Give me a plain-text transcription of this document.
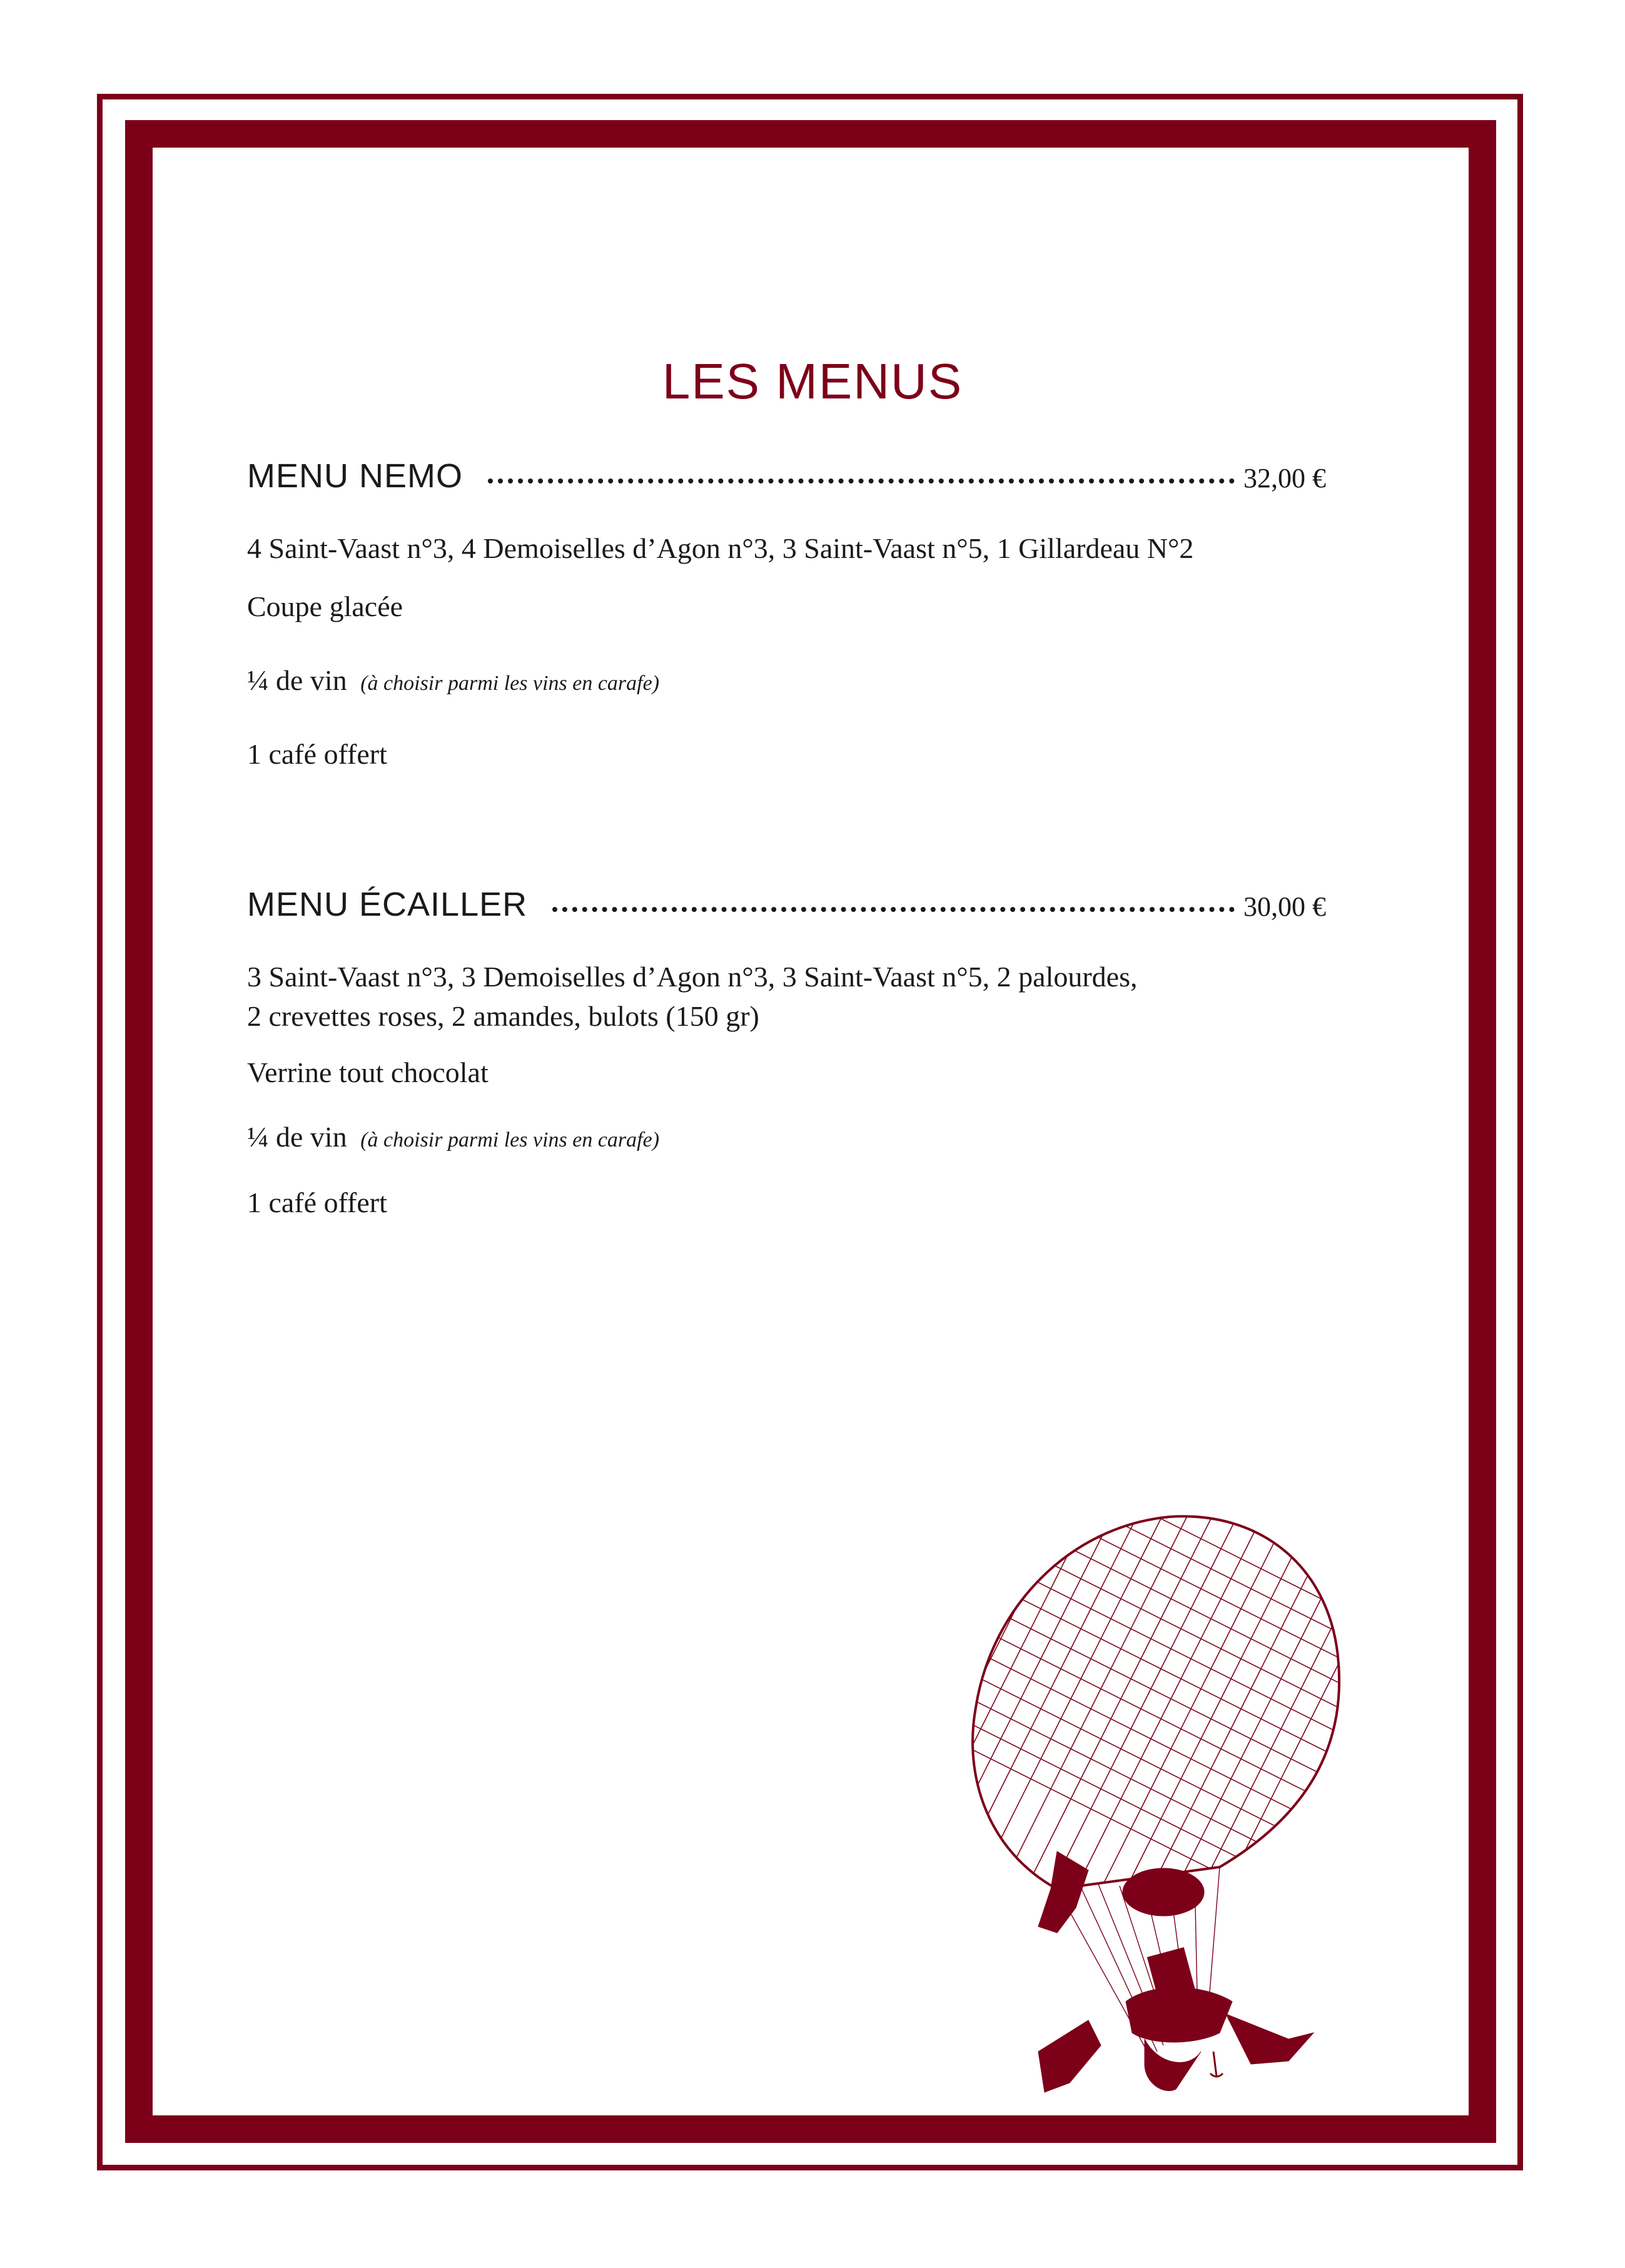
LES MENUS
MENU NEMO	32,00 €
4 Saint-Vaast n°3, 4 Demoiselles d’Agon n°3, 3 Saint-Vaast n°5, 1 Gillardeau N°2
Coupe glacée
¼ de vin (à choisir parmi les vins en carafe)
1 café offert
MENU ÉCAILLER	30,00 €
3 Saint-Vaast n°3, 3 Demoiselles d’Agon n°3, 3 Saint-Vaast n°5, 2 palourdes,
2 crevettes roses, 2 amandes, bulots (150 gr)
Verrine tout chocolat
¼ de vin (à choisir parmi les vins en carafe)
1 café offert
